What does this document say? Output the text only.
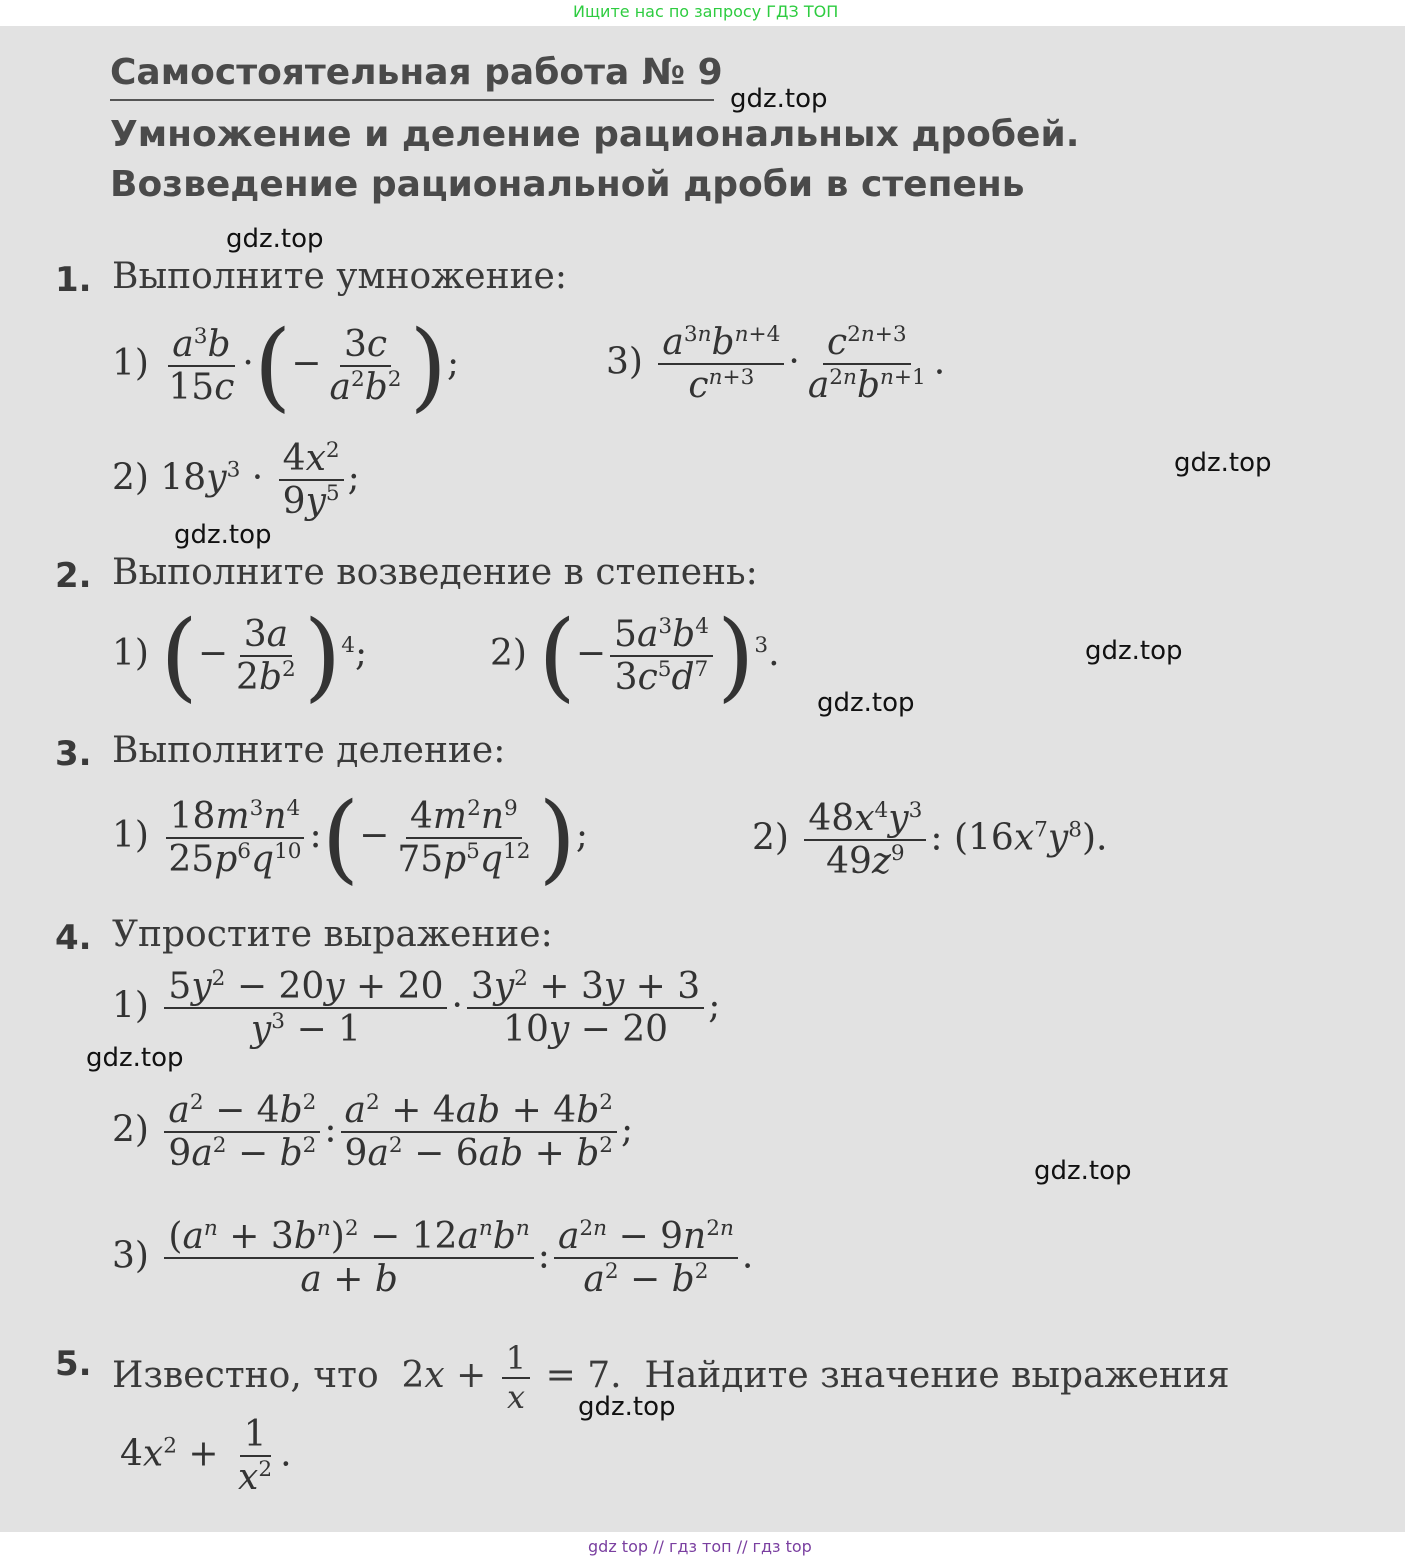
Ищите нас по запросу ГДЗ ТОП
Самостоятельная работа № 9
Умножение и деление рациональных дробей.
Возведение рациональной дроби в степень
gdz.top
gdz.top
gdz.top
gdz.top
gdz.top
gdz.top
gdz.top
gdz.top
gdz.top
1. Выполните умножение:
$1) \frac{a^3b}{15c}$ ·(− $\frac{3c}{a^2b^2}$ );	$3) \frac{a^{3n}b^{n+4}}{c^{n+3}} \cdot \frac{c^{2n+3}}{a^{2n}b^{n+1}}$ .
2) $18y^3 \cdot \frac{4x^2}{9y^5}$ ;
2. Выполните возведение в степень:
1) (− $\frac{3a}{2b^2} )^4$;	2) (− $\frac{5a^3b^4}{3c^5d^7} )^3$.
3. Выполните деление:
$1) \frac{18m^3n^4}{25p^6q^{10}}$ :(− $\frac{4m^2n^9}{75p^5q^{12}}$ );	$2) \frac{48x^4y^3}{49z^9}$ : $(16x^7y^8)$.
4. Упростите выражение:
$1) \frac{5y^2 - 20y + 20}{y^3 - 1} \cdot \frac{3y^2 + 3y + 3}{10y - 20}$ ;
$2) \frac{a^2 - 4b^2}{9a^2 - b^2}$ : $\frac{a^2 + 4ab + 4b^2}{9a^2 - 6ab + b^2}$ ;
$3) \frac{(a^n + 3b^n)^2 - 12a^nb^n}{a + b}$ : $\frac{a^{2n} - 9n^{2n}}{a^2 - b^2}$ .
5. Известно, что  $2x + \frac{1}{x} = 7$.  Найдите значение выражения
$4x^2 + \frac{1}{x^2}$ .
gdz top // гдз топ // гдз top
